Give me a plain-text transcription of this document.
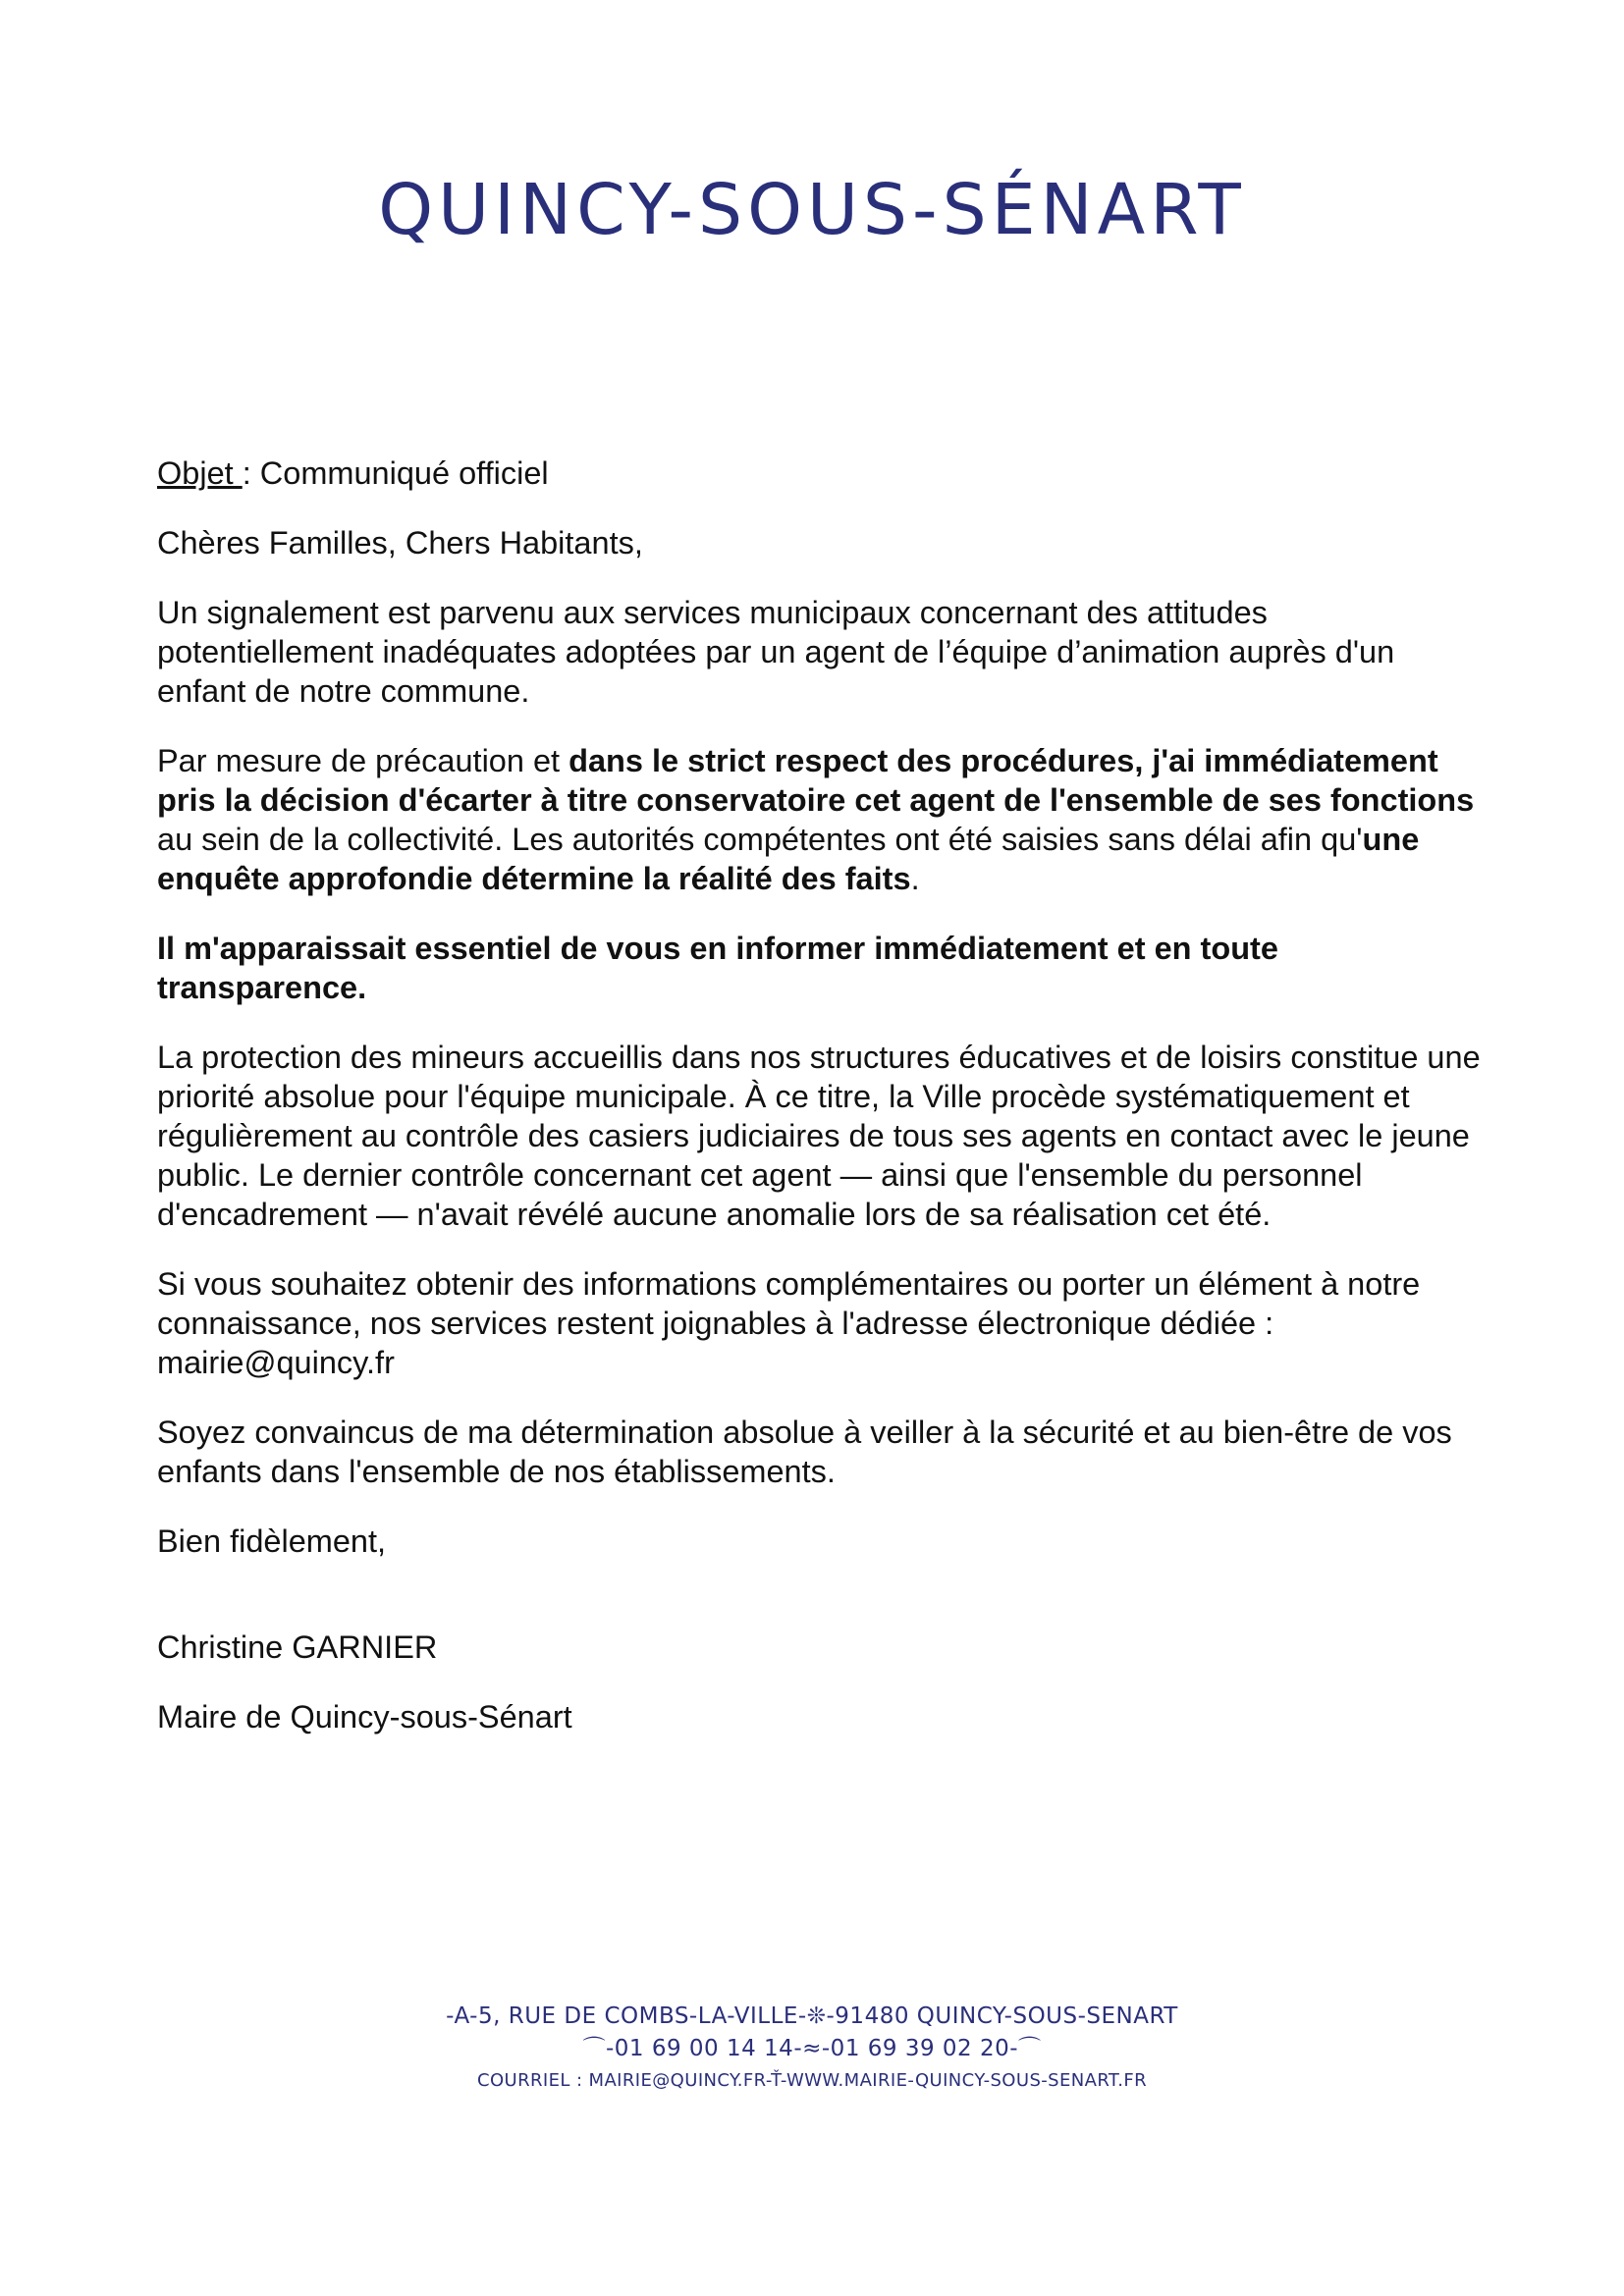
QUINCY-SOUS-SÉNART

Objet : Communiqué officiel

Chères Familles, Chers Habitants,

Un signalement est parvenu aux services municipaux concernant des attitudes potentiellement inadéquates adoptées par un agent de l’équipe d’animation auprès d'un enfant de notre commune.

Par mesure de précaution et dans le strict respect des procédures, j'ai immédiatement pris la décision d'écarter à titre conservatoire cet agent de l'ensemble de ses fonctions au sein de la collectivité. Les autorités compétentes ont été saisies sans délai afin qu'une enquête approfondie détermine la réalité des faits.

Il m'apparaissait essentiel de vous en informer immédiatement et en toute transparence.

La protection des mineurs accueillis dans nos structures éducatives et de loisirs constitue une priorité absolue pour l'équipe municipale. À ce titre, la Ville procède systématiquement et régulièrement au contrôle des casiers judiciaires de tous ses agents en contact avec le jeune public. Le dernier contrôle concernant cet agent — ainsi que l'ensemble du personnel d'encadrement — n'avait révélé aucune anomalie lors de sa réalisation cet été.

Si vous souhaitez obtenir des informations complémentaires ou porter un élément à notre connaissance, nos services restent joignables à l'adresse électronique dédiée :
mairie@quincy.fr

Soyez convaincus de ma détermination absolue à veiller à la sécurité et au bien-être de vos enfants dans l'ensemble de nos établissements.

Bien fidèlement,

Christine GARNIER

Maire de Quincy-sous-Sénart

-A-5, RUE DE COMBS-LA-VILLE-❊-91480 QUINCY-SOUS-SENART
⌒-01 69 00 14 14-≈-01 69 39 02 20-⌒
COURRIEL : MAIRIE@QUINCY.FR-Ť-WWW.MAIRIE-QUINCY-SOUS-SENART.FR
